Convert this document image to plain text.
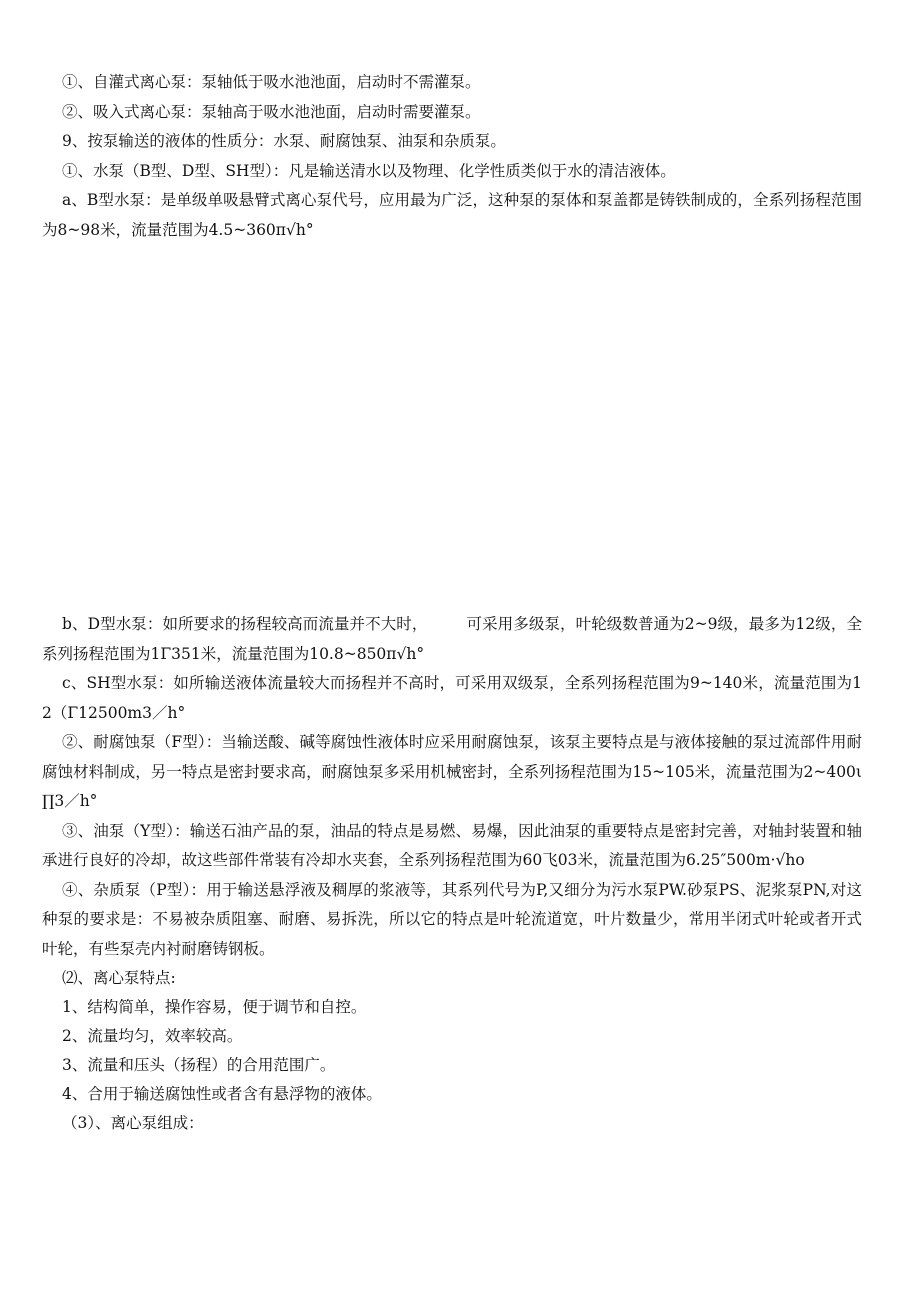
①、自灌式离心泵：泵轴低于吸水池池面，启动时不需灌泵。

②、吸入式离心泵：泵轴高于吸水池池面，启动时需要灌泵。

9、按泵输送的液体的性质分：水泵、耐腐蚀泵、油泵和杂质泵。

①、水泵（B型、D型、SH型）：凡是输送清水以及物理、化学性质类似于水的清洁液体。

a、B型水泵：是单级单吸悬臂式离心泵代号，应用最为广泛，这种泵的泵体和泵盖都是铸铁制成的，全系列扬程范围为8~98米，流量范围为4.5~360π√h°

b、D型水泵：如所要求的扬程较高而流量并不大时，　　　可采用多级泵，叶轮级数普通为2~9级，最多为12级，全系列扬程范围为1Γ351米，流量范围为10.8~850π√h°

c、SH型水泵：如所输送液体流量较大而扬程并不高时，可采用双级泵，全系列扬程范围为9~140米，流量范围为12（Γ12500m3／h°

②、耐腐蚀泵（F型）：当输送酸、碱等腐蚀性液体时应采用耐腐蚀泵，该泵主要特点是与液体接触的泵过流部件用耐腐蚀材料制成，另一特点是密封要求高，耐腐蚀泵多采用机械密封，全系列扬程范围为15~105米，流量范围为2~400ι∏3／h°

③、油泵（Y型）：输送石油产品的泵，油品的特点是易燃、易爆，因此油泵的重要特点是密封完善，对轴封装置和轴承进行良好的冷却，故这些部件常装有冷却水夹套，全系列扬程范围为60飞03米，流量范围为6.25″500m·√ho

④、杂质泵（P型）：用于输送悬浮液及稠厚的浆液等，其系列代号为P,又细分为污水泵PW.砂泵PS、泥浆泵PN,对这种泵的要求是：不易被杂质阻塞、耐磨、易拆洗，所以它的特点是叶轮流道宽，叶片数量少，常用半闭式叶轮或者开式叶轮，有些泵壳内衬耐磨铸钢板。

⑵、离心泵特点:

1、结构简单，操作容易，便于调节和自控。

2、流量均匀，效率较高。

3、流量和压头（扬程）的合用范围广。

4、合用于输送腐蚀性或者含有悬浮物的液体。

（3）、离心泵组成：
